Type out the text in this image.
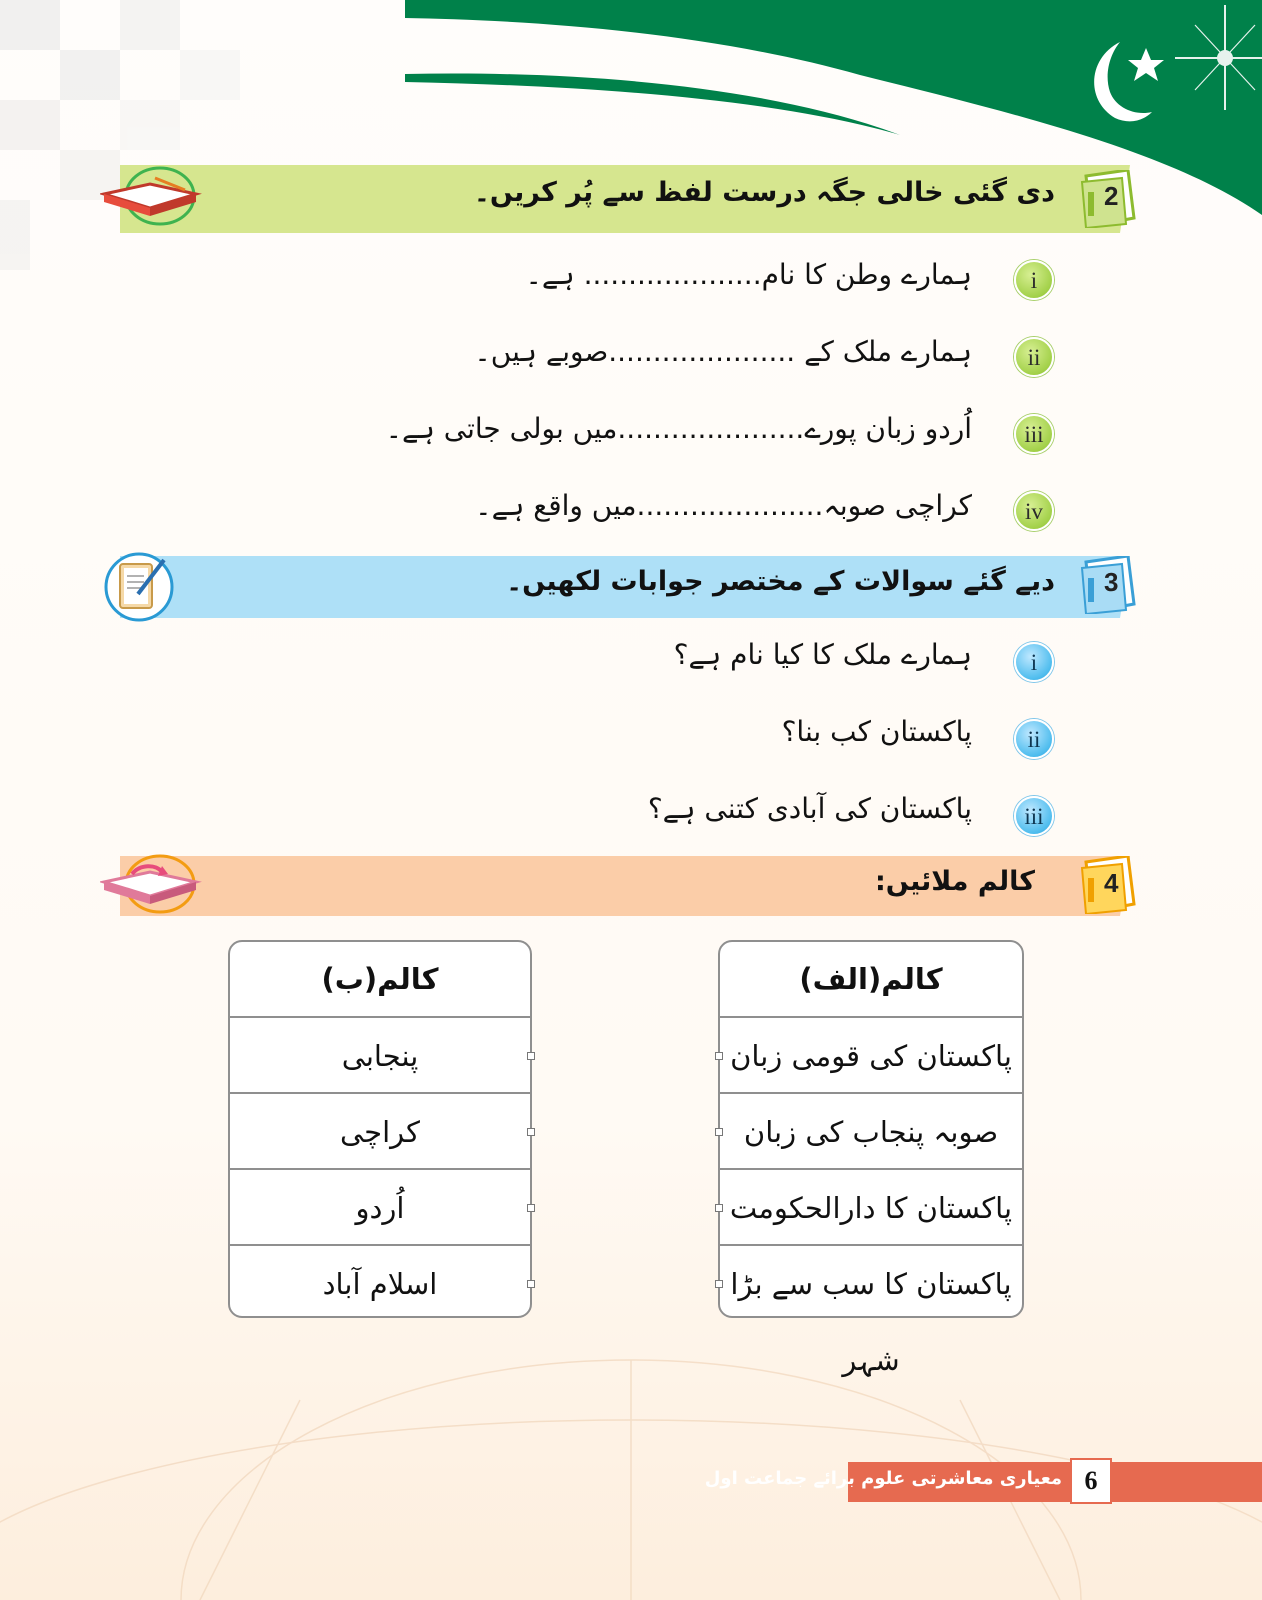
دی گئی خالی جگہ درست لفظ سے پُر کریں۔ 2
i
ہمارے وطن کا نام.................... ہے۔
ii
ہمارے ملک کے .....................صوبے ہیں۔
iii
اُردو زبان پورے.....................میں بولی جاتی ہے۔
iv
کراچی صوبہ.....................میں واقع ہے۔
دیے گئے سوالات کے مختصر جوابات لکھیں۔ 3
i
ہمارے ملک کا کیا نام ہے؟
ii
پاکستان کب بنا؟
iii
پاکستان کی آبادی کتنی ہے؟
کالم ملائیں:	4
کالم(الف)
پاکستان کی قومی زبان
صوبہ پنجاب کی زبان
پاکستان کا دارالحکومت
پاکستان کا سب سے بڑا شہر
کالم(ب)
پنجابی
کراچی
اُردو
اسلام آباد
6
معیاری معاشرتی علوم برائے جماعت اول
